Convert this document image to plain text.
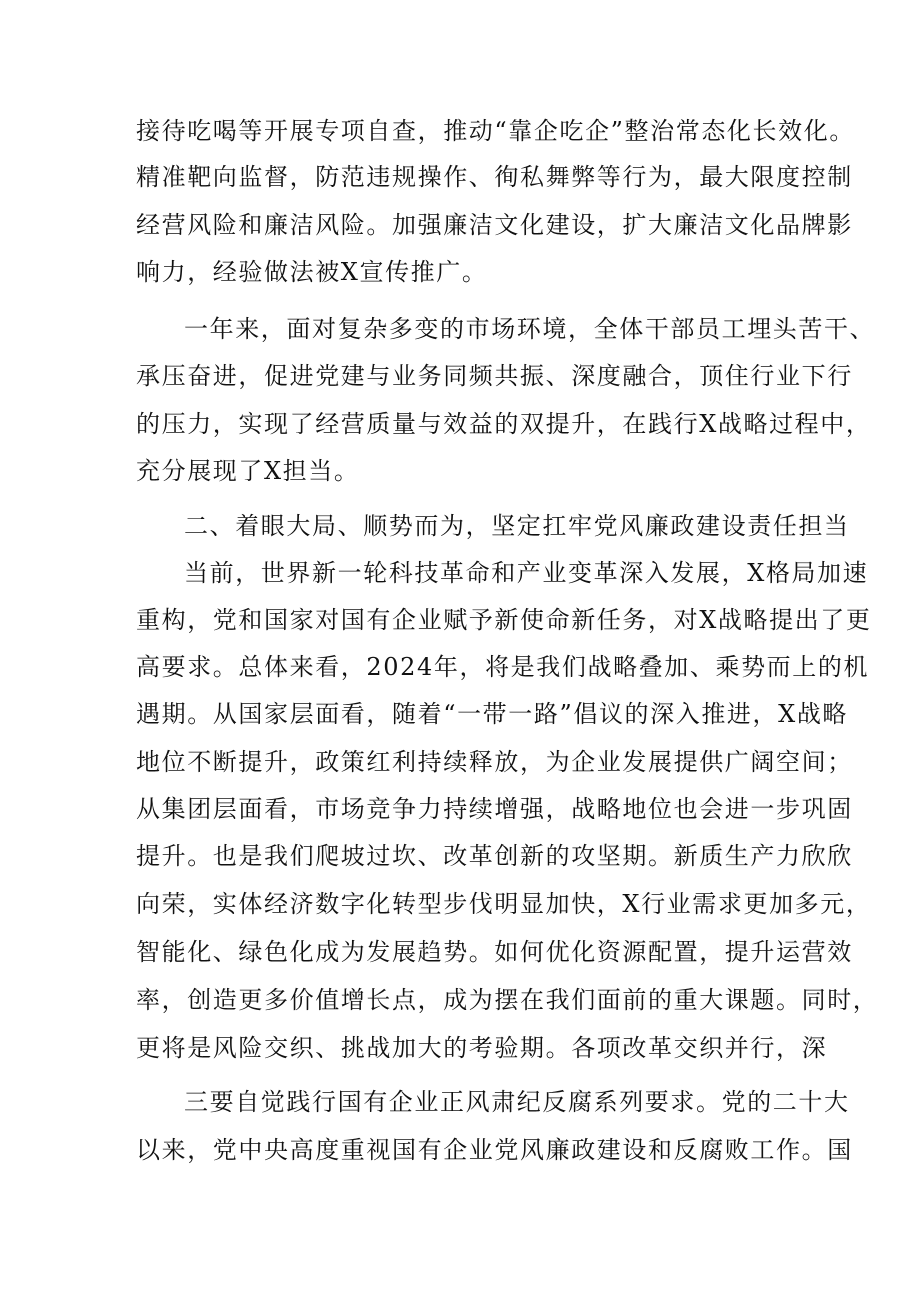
接待吃喝等开展专项自查，推动“靠企吃企”整治常态化长效化。
精准靶向监督，防范违规操作、徇私舞弊等行为，最大限度控制
经营风险和廉洁风险。加强廉洁文化建设，扩大廉洁文化品牌影
响力，经验做法被X宣传推广。
一年来，面对复杂多变的市场环境，全体干部员工埋头苦干、
承压奋进，促进党建与业务同频共振、深度融合，顶住行业下行
的压力，实现了经营质量与效益的双提升，在践行X战略过程中，
充分展现了X担当。
二、着眼大局、顺势而为，坚定扛牢党风廉政建设责任担当
当前，世界新一轮科技革命和产业变革深入发展，X格局加速
重构，党和国家对国有企业赋予新使命新任务，对X战略提出了更
高要求。总体来看，2024年，将是我们战略叠加、乘势而上的机
遇期。从国家层面看，随着“一带一路”倡议的深入推进，X战略
地位不断提升，政策红利持续释放，为企业发展提供广阔空间；
从集团层面看，市场竞争力持续增强，战略地位也会进一步巩固
提升。也是我们爬坡过坎、改革创新的攻坚期。新质生产力欣欣
向荣，实体经济数字化转型步伐明显加快，X行业需求更加多元，
智能化、绿色化成为发展趋势。如何优化资源配置，提升运营效
率，创造更多价值增长点，成为摆在我们面前的重大课题。同时，
更将是风险交织、挑战加大的考验期。各项改革交织并行，深
三要自觉践行国有企业正风肃纪反腐系列要求。党的二十大
以来，党中央高度重视国有企业党风廉政建设和反腐败工作。国
